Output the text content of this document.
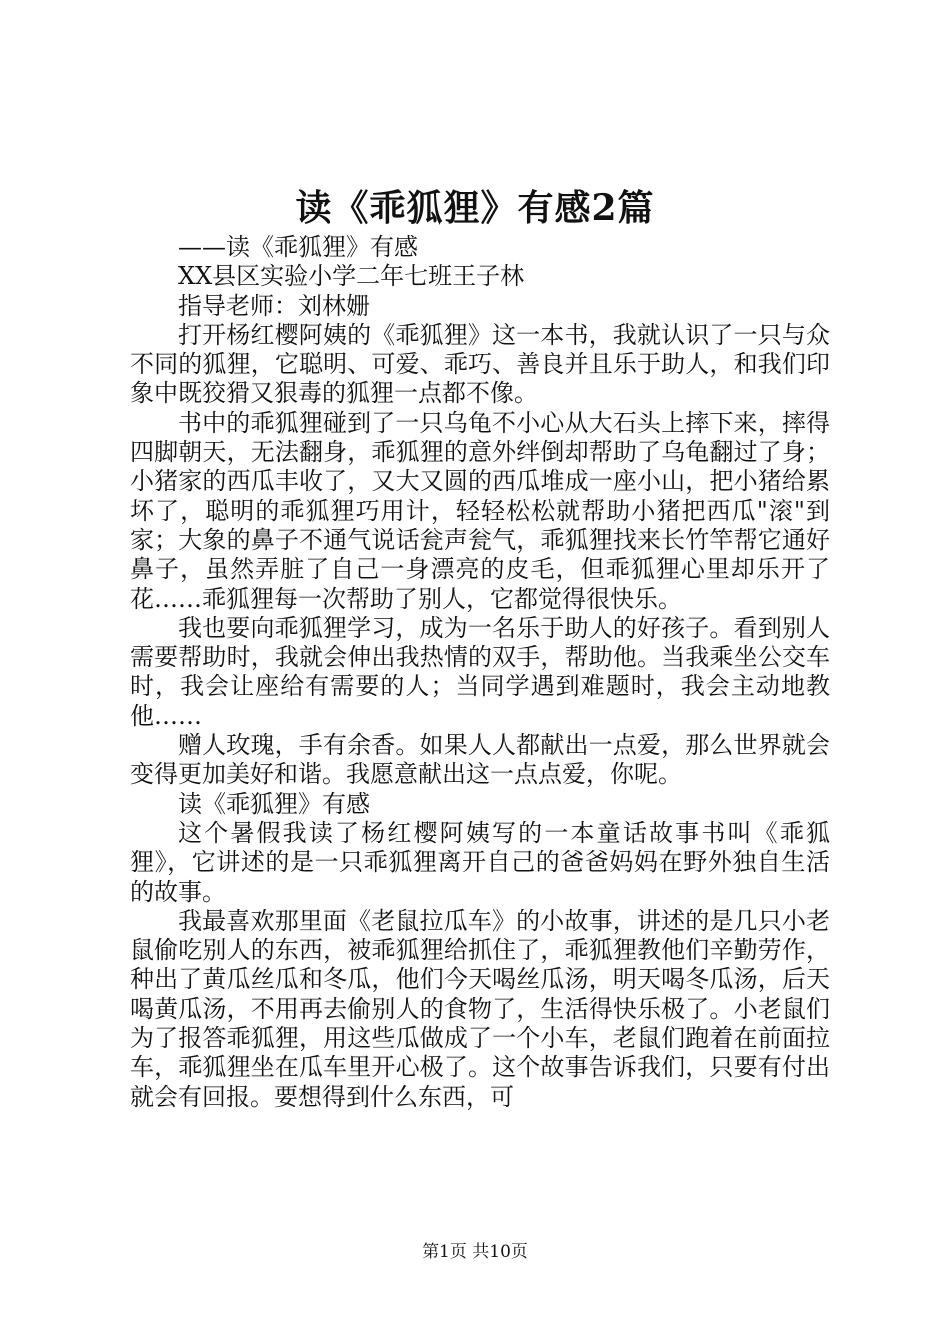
读《乖狐狸》有感2篇

——读《乖狐狸》有感

XX县区实验小学二年七班王子林

指导老师：刘林姗

打开杨红樱阿姨的《乖狐狸》这一本书，我就认识了一只与众不同的狐狸，它聪明、可爱、乖巧、善良并且乐于助人，和我们印象中既狡猾又狠毒的狐狸一点都不像。

书中的乖狐狸碰到了一只乌龟不小心从大石头上摔下来，摔得四脚朝天，无法翻身，乖狐狸的意外绊倒却帮助了乌龟翻过了身；小猪家的西瓜丰收了，又大又圆的西瓜堆成一座小山，把小猪给累坏了，聪明的乖狐狸巧用计，轻轻松松就帮助小猪把西瓜"滚"到家；大象的鼻子不通气说话瓮声瓮气，乖狐狸找来长竹竿帮它通好鼻子，虽然弄脏了自己一身漂亮的皮毛，但乖狐狸心里却乐开了花……乖狐狸每一次帮助了别人，它都觉得很快乐。

我也要向乖狐狸学习，成为一名乐于助人的好孩子。看到别人需要帮助时，我就会伸出我热情的双手，帮助他。当我乘坐公交车时，我会让座给有需要的人；当同学遇到难题时，我会主动地教他……

赠人玫瑰，手有余香。如果人人都献出一点爱，那么世界就会变得更加美好和谐。我愿意献出这一点点爱，你呢。

读《乖狐狸》有感

这个暑假我读了杨红樱阿姨写的一本童话故事书叫《乖狐狸》，它讲述的是一只乖狐狸离开自己的爸爸妈妈在野外独自生活的故事。

我最喜欢那里面《老鼠拉瓜车》的小故事，讲述的是几只小老鼠偷吃别人的东西，被乖狐狸给抓住了，乖狐狸教他们辛勤劳作，种出了黄瓜丝瓜和冬瓜，他们今天喝丝瓜汤，明天喝冬瓜汤，后天喝黄瓜汤，不用再去偷别人的食物了，生活得快乐极了。小老鼠们为了报答乖狐狸，用这些瓜做成了一个小车，老鼠们跑着在前面拉车，乖狐狸坐在瓜车里开心极了。这个故事告诉我们，只要有付出就会有回报。要想得到什么东西，可

第1页 共10页
